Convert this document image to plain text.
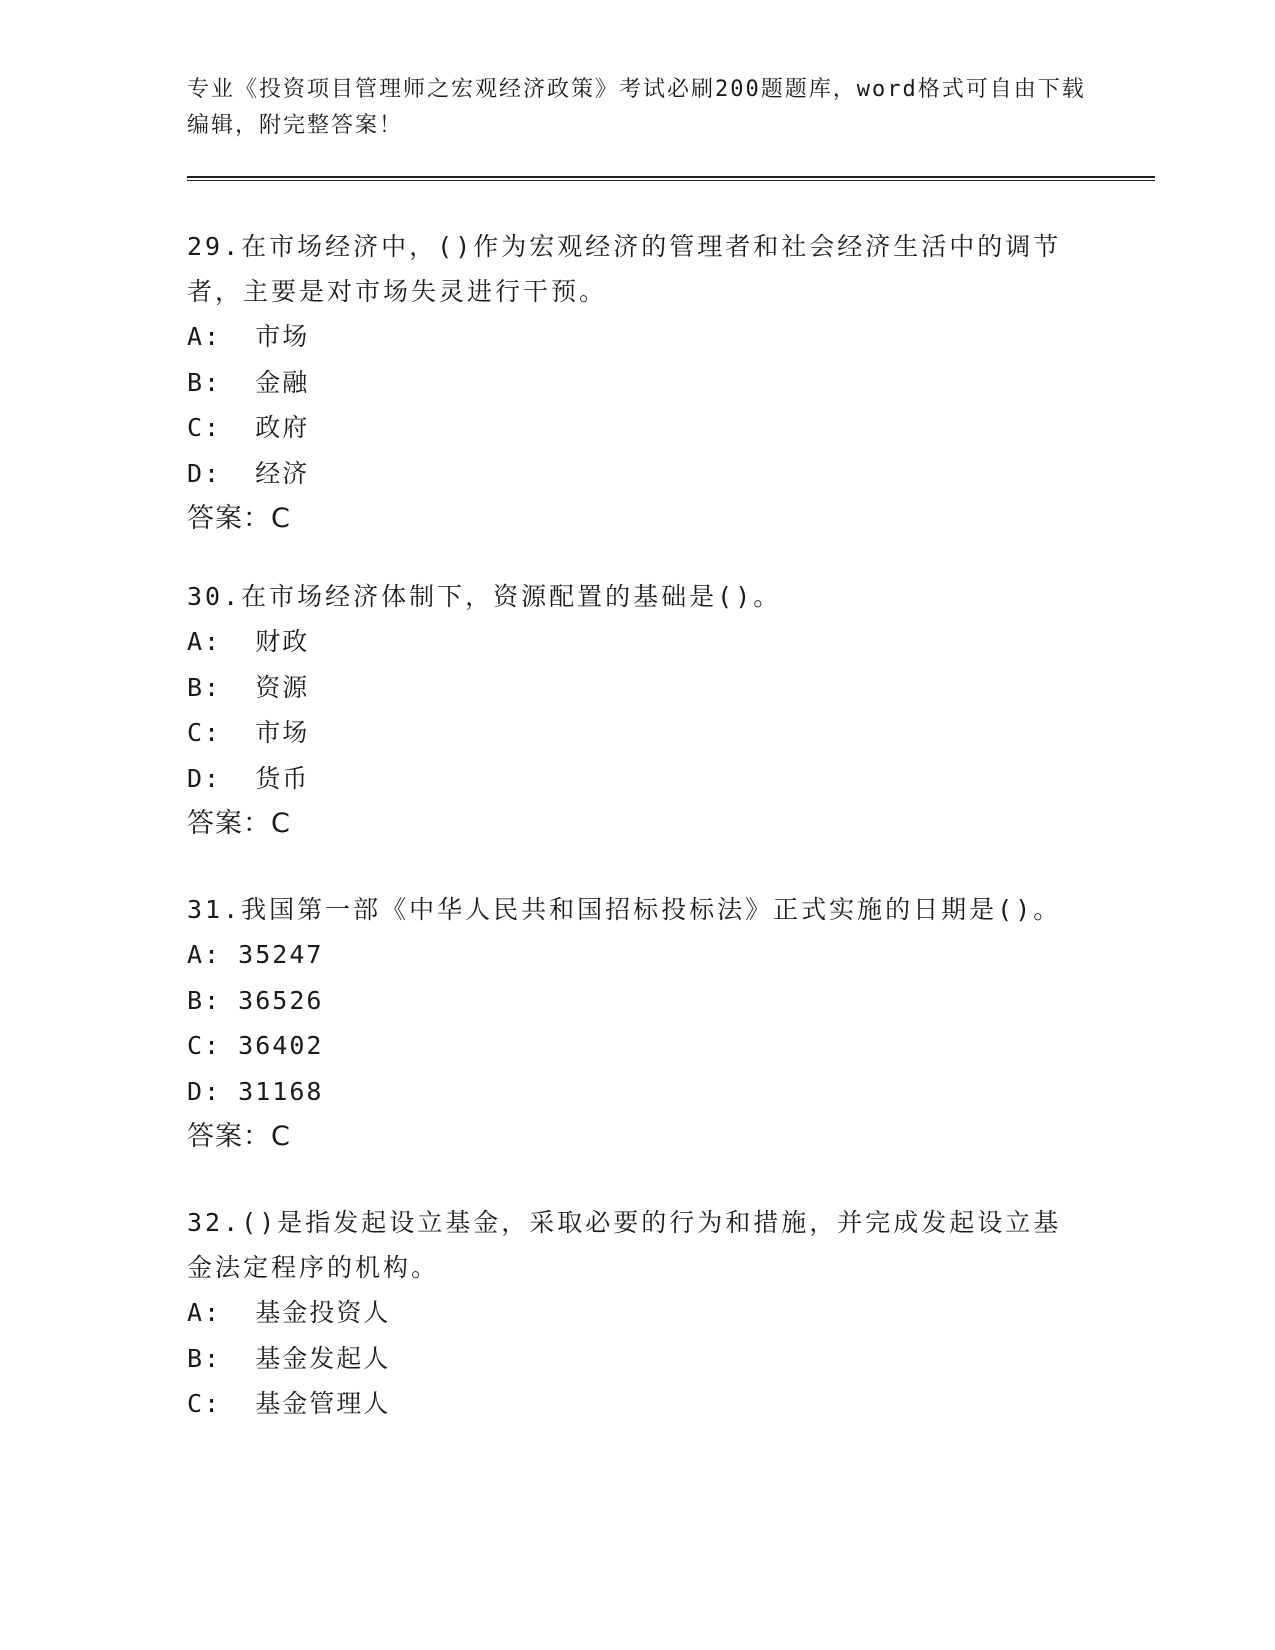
专业《投资项目管理师之宏观经济政策》考试必刷200题题库，word格式可自由下载编辑，附完整答案！

29.在市场经济中，()作为宏观经济的管理者和社会经济生活中的调节者，主要是对市场失灵进行干预。

A: 市场

B: 金融

C: 政府

D: 经济

答案：C

30.在市场经济体制下，资源配置的基础是()。

A: 财政

B: 资源

C: 市场

D: 货币

答案：C

31.我国第一部《中华人民共和国招标投标法》正式实施的日期是()。

A: 35247

B: 36526

C: 36402

D: 31168

答案：C

32.()是指发起设立基金，采取必要的行为和措施，并完成发起设立基金法定程序的机构。

A: 基金投资人

B: 基金发起人

C: 基金管理人
